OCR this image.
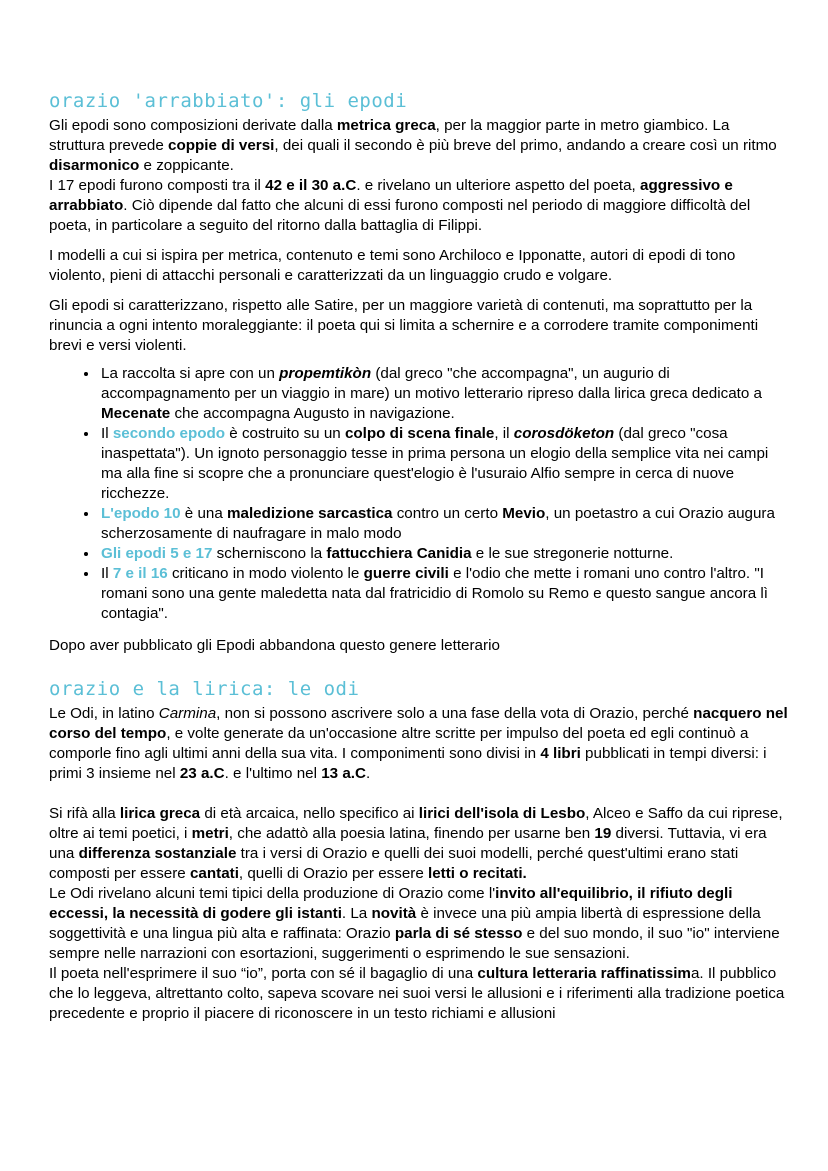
orazio 'arrabbiato': gli epodi

Gli epodi sono composizioni derivate dalla metrica greca, per la maggior parte in metro giambico. La struttura prevede coppie di versi, dei quali il secondo è più breve del primo, andando a creare così un ritmo disarmonico e zoppicante.

I 17 epodi furono composti tra il 42 e il 30 a.C. e rivelano un ulteriore aspetto del poeta, aggressivo e arrabbiato. Ciò dipende dal fatto che alcuni di essi furono composti nel periodo di maggiore difficoltà del poeta, in particolare a seguito del ritorno dalla battaglia di Filippi.

I modelli a cui si ispira per metrica, contenuto e temi sono Archiloco e Ipponatte, autori di epodi di tono violento, pieni di attacchi personali e caratterizzati da un linguaggio crudo e volgare.

Gli epodi si caratterizzano, rispetto alle Satire, per un maggiore varietà di contenuti, ma soprattutto per la rinuncia a ogni intento moraleggiante: il poeta qui si limita a schernire e a corrodere tramite componimenti brevi e versi violenti.

• La raccolta si apre con un propemtikòn (dal greco "che accompagna", un augurio di accompagnamento per un viaggio in mare) un motivo letterario ripreso dalla lirica greca dedicato a Mecenate che accompagna Augusto in navigazione.
• Il secondo epodo è costruito su un colpo di scena finale, il corosdöketon (dal greco "cosa inaspettata"). Un ignoto personaggio tesse in prima persona un elogio della semplice vita nei campi ma alla fine si scopre che a pronunciare quest'elogio è l'usuraio Alfio sempre in cerca di nuove ricchezze.
• L'epodo 10 è una maledizione sarcastica contro un certo Mevio, un poetastro a cui Orazio augura scherzosamente di naufragare in malo modo
• Gli epodi 5 e 17 scherniscono la fattucchiera Canidia e le sue stregonerie notturne.
• Il 7 e il 16 criticano in modo violento le guerre civili e l'odio che mette i romani uno contro l'altro. "I romani sono una gente maledetta nata dal fratricidio di Romolo su Remo e questo sangue ancora lì contagia".

Dopo aver pubblicato gli Epodi abbandona questo genere letterario

orazio e la lirica: le odi

Le Odi, in latino Carmina, non si possono ascrivere solo a una fase della vota di Orazio, perché nacquero nel corso del tempo, e volte generate da un'occasione altre scritte per impulso del poeta ed egli continuò a comporle fino agli ultimi anni della sua vita. I componimenti sono divisi in 4 libri pubblicati in tempi diversi: i primi 3 insieme nel 23 a.C. e l'ultimo nel 13 a.C.

Si rifà alla lirica greca di età arcaica, nello specifico ai lirici dell'isola di Lesbo, Alceo e Saffo da cui riprese, oltre ai temi poetici, i metri, che adattò alla poesia latina, finendo per usarne ben 19 diversi. Tuttavia, vi era una differenza sostanziale tra i versi di Orazio e quelli dei suoi modelli, perché quest'ultimi erano stati composti per essere cantati, quelli di Orazio per essere letti o recitati.

Le Odi rivelano alcuni temi tipici della produzione di Orazio come l'invito all'equilibrio, il rifiuto degli eccessi, la necessità di godere gli istanti. La novità è invece una più ampia libertà di espressione della soggettività e una lingua più alta e raffinata: Orazio parla di sé stesso e del suo mondo, il suo "io" interviene sempre nelle narrazioni con esortazioni, suggerimenti o esprimendo le sue sensazioni.

Il poeta nell'esprimere il suo “io”, porta con sé il bagaglio di una cultura letteraria raffinatissima. Il pubblico che lo leggeva, altrettanto colto, sapeva scovare nei suoi versi le allusioni e i riferimenti alla tradizione poetica precedente e proprio il piacere di riconoscere in un testo richiami e allusioni
